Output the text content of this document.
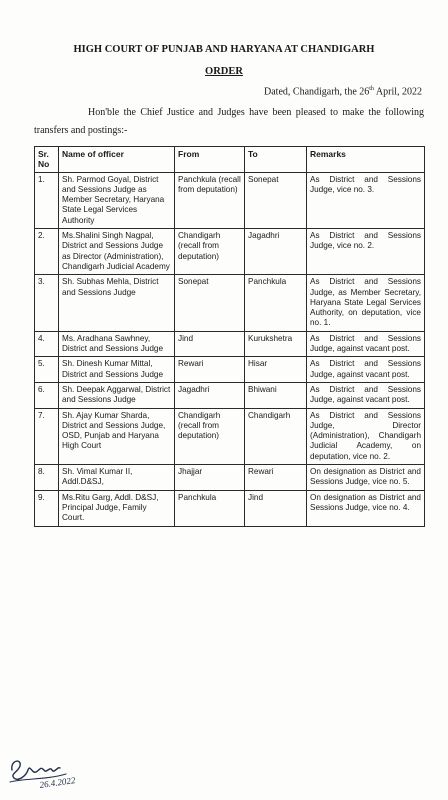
HIGH COURT OF PUNJAB AND HARYANA AT CHANDIGARH
ORDER
Dated, Chandigarh, the 26th April, 2022
Hon'ble the Chief Justice and Judges have been pleased to make the following transfers and postings:-
Sr. No	Name of officer	From	To	Remarks
1.	Sh. Parmod Goyal, District and Sessions Judge as Member Secretary, Haryana State Legal Services Authority	Panchkula (recall from deputation)	Sonepat	As District and Sessions Judge, vice no. 3.
2.	Ms.Shalini Singh Nagpal, District and Sessions Judge as Director (Administration), Chandigarh Judicial Academy	Chandigarh (recall from deputation)	Jagadhri	As District and Sessions Judge, vice no. 2.
3.	Sh. Subhas Mehla, District and Sessions Judge	Sonepat	Panchkula	As District and Sessions Judge, as Member Secretary, Haryana State Legal Services Authority, on deputation, vice no. 1.
4.	Ms. Aradhana Sawhney, District and Sessions Judge	Jind	Kurukshetra	As District and Sessions Judge, against vacant post.
5.	Sh. Dinesh Kumar Mittal, District and Sessions Judge	Rewari	Hisar	As District and Sessions Judge, against vacant post.
6.	Sh. Deepak Aggarwal, District and Sessions Judge	Jagadhri	Bhiwani	As District and Sessions Judge, against vacant post.
7.	Sh. Ajay Kumar Sharda, District and Sessions Judge, OSD, Punjab and Haryana High Court	Chandigarh (recall from deputation)	Chandigarh	As District and Sessions Judge, Director (Administration), Chandigarh Judicial Academy, on deputation, vice no. 2.
8.	Sh. Vimal Kumar II, Addl.D&SJ,	Jhajjar	Rewari	On designation as District and Sessions Judge, vice no. 5.
9.	Ms.Ritu Garg, Addl. D&SJ, Principal Judge, Family Court.	Panchkula	Jind	On designation as District and Sessions Judge, vice no. 4.
26.4.2022
